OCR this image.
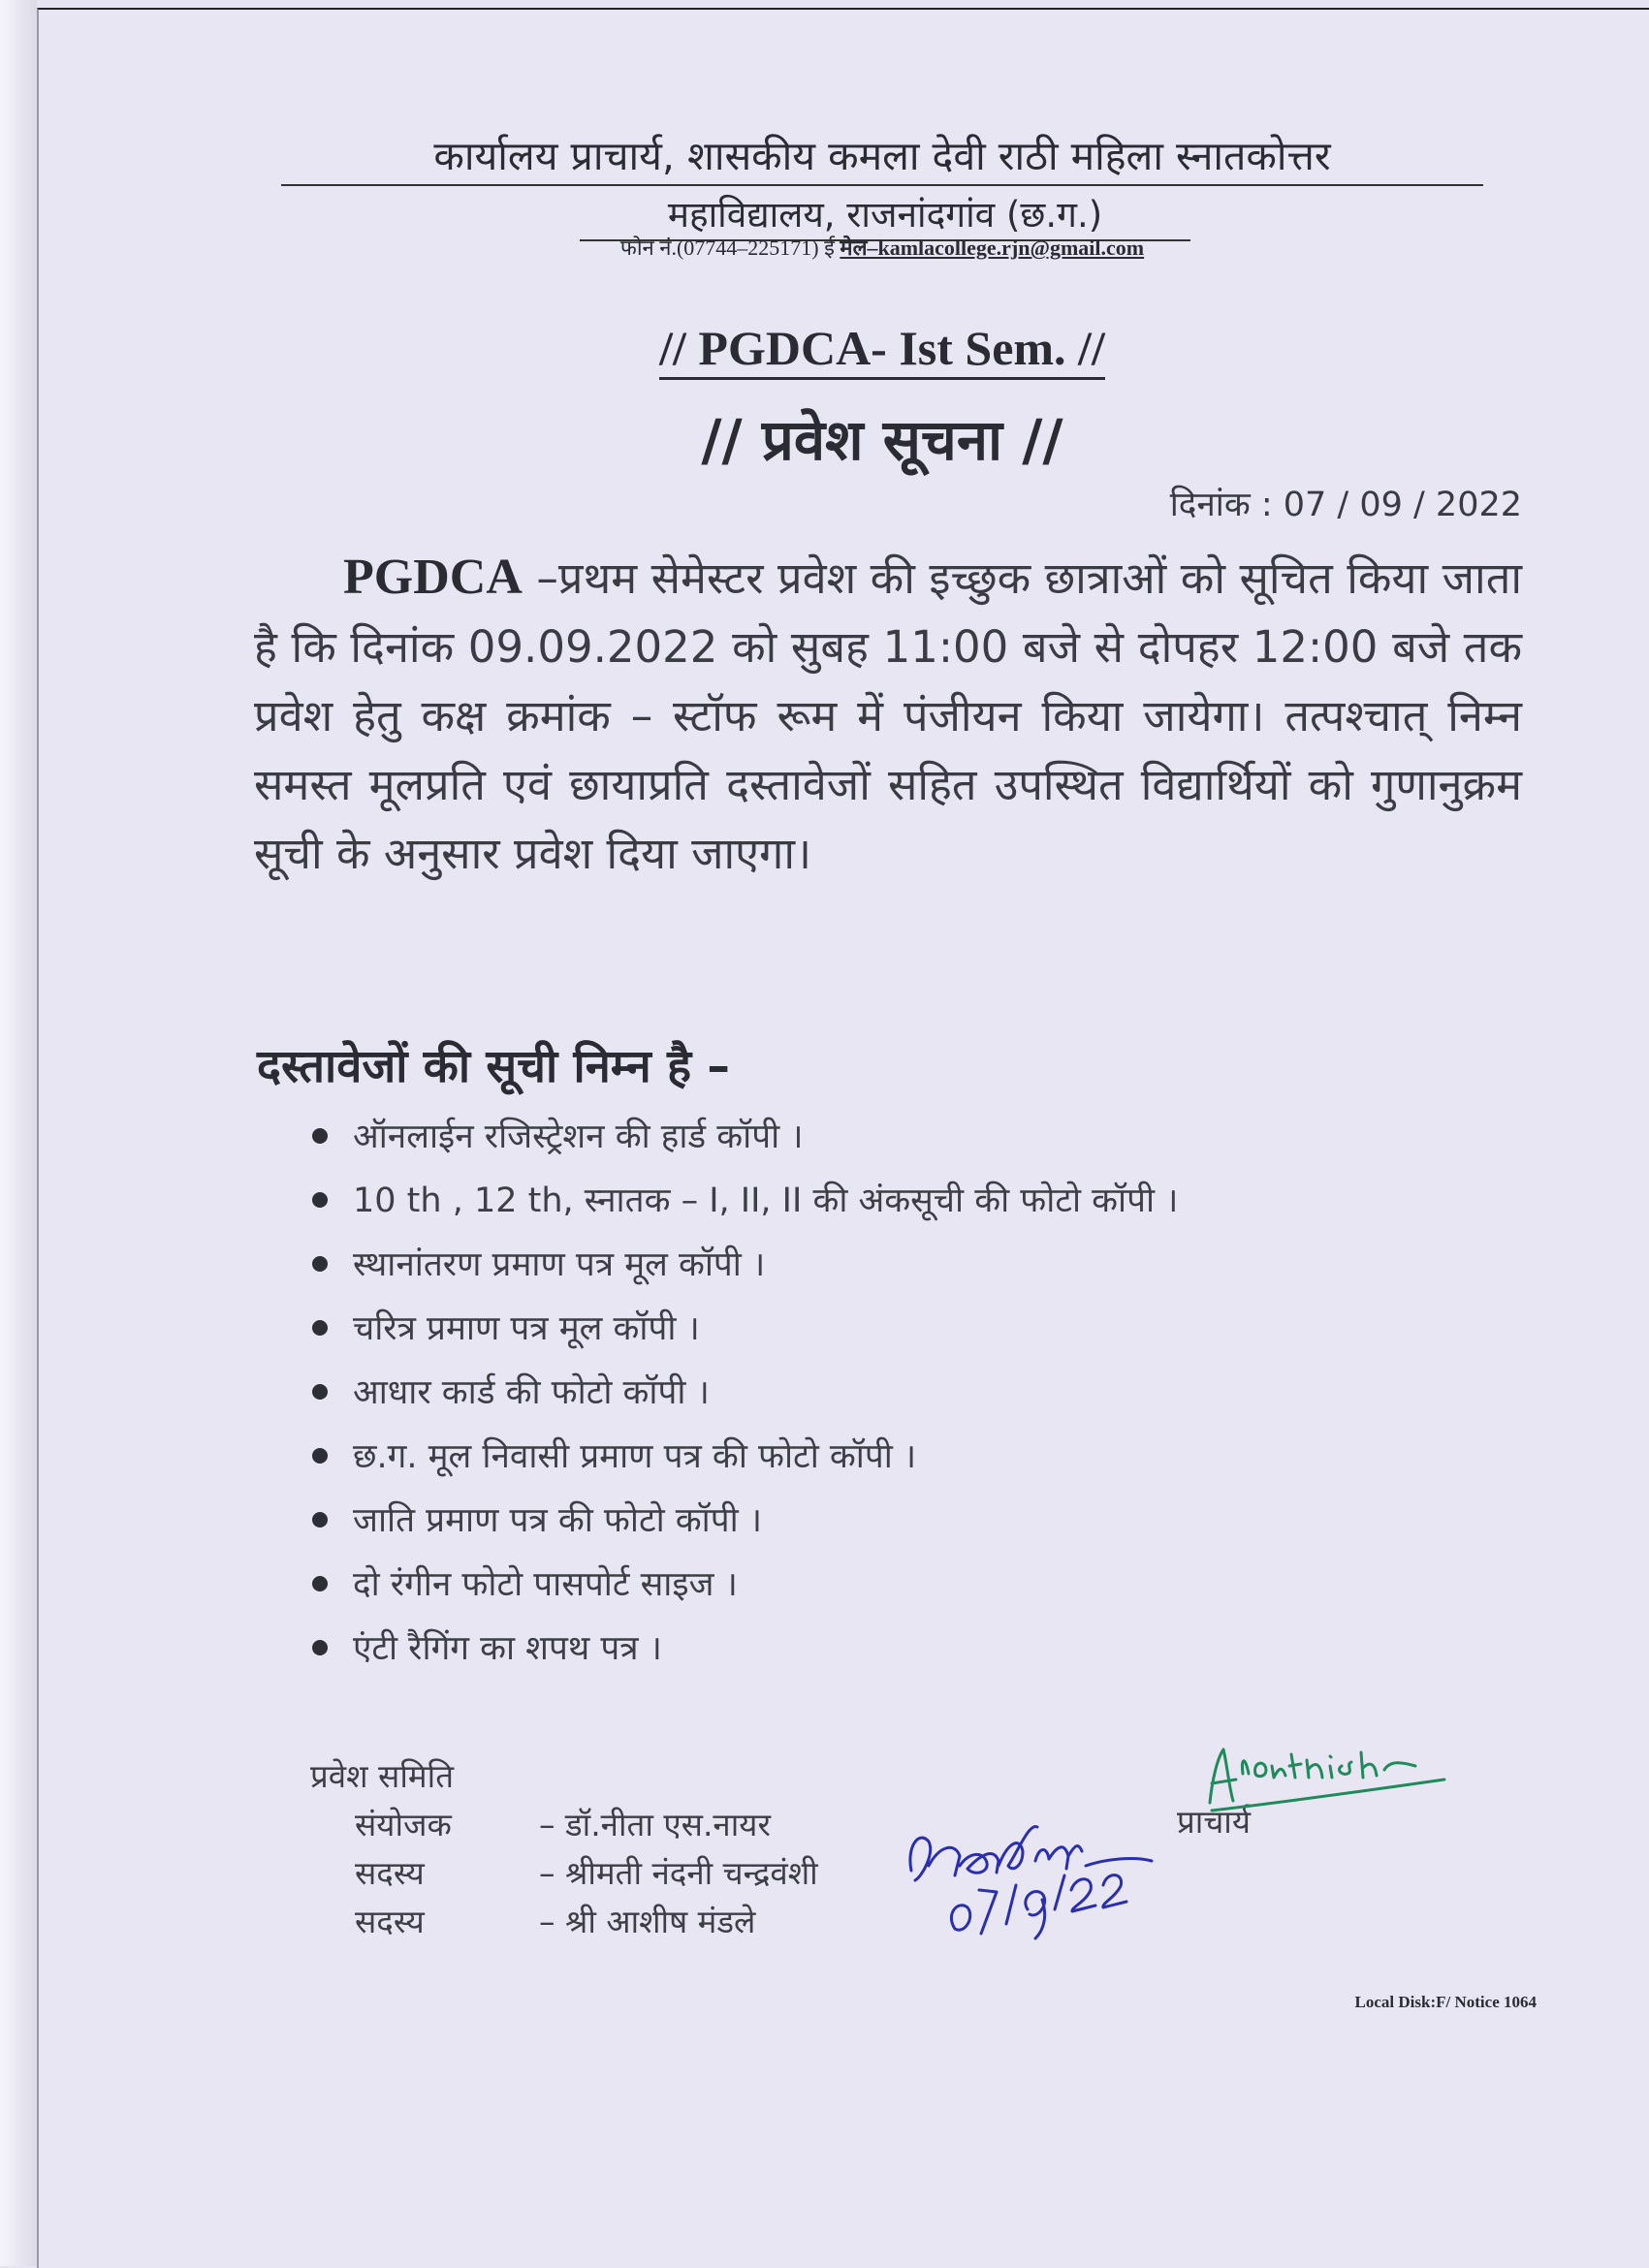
कार्यालय प्राचार्य, शासकीय कमला देवी राठी महिला स्नातकोत्तर
महाविद्यालय, राजनांदगांव (छ.ग.)
फोन नं.(07744–225171) ई मेल–kamlacollege.rjn@gmail.com
// PGDCA- Ist Sem. //
// प्रवेश सूचना //
दिनांक : 07 / 09 / 2022
PGDCA –प्रथम सेमेस्टर प्रवेश की इच्छुक छात्राओं को सूचित किया जाता है कि दिनांक 09.09.2022 को सुबह 11:00 बजे से दोपहर 12:00 बजे तक प्रवेश हेतु कक्ष क्रमांक – स्टॉफ रूम में पंजीयन किया जायेगा। तत्पश्चात् निम्न समस्त मूलप्रति एवं छायाप्रति दस्तावेजों सहित उपस्थित विद्यार्थियों को गुणानुक्रम सूची के अनुसार प्रवेश दिया जाएगा।
दस्तावेजों की सूची निम्न है –
ऑनलाईन रजिस्ट्रेशन की हार्ड कॉपी ।
10 th , 12 th, स्नातक – I, II, II की अंकसूची की फोटो कॉपी ।
स्थानांतरण प्रमाण पत्र मूल कॉपी ।
चरित्र प्रमाण पत्र मूल कॉपी ।
आधार कार्ड की फोटो कॉपी ।
छ.ग. मूल निवासी प्रमाण पत्र की फोटो कॉपी ।
जाति प्रमाण पत्र की फोटो कॉपी ।
दो रंगीन फोटो पासपोर्ट साइज ।
एंटी रैगिंग का शपथ पत्र ।
प्रवेश समिति
संयोजक	– डॉ.नीता एस.नायर
सदस्य	– श्रीमती नंदनी चन्द्रवंशी
सदस्य	– श्री आशीष मंडले
प्राचार्य
Local Disk:F/ Notice 1064
